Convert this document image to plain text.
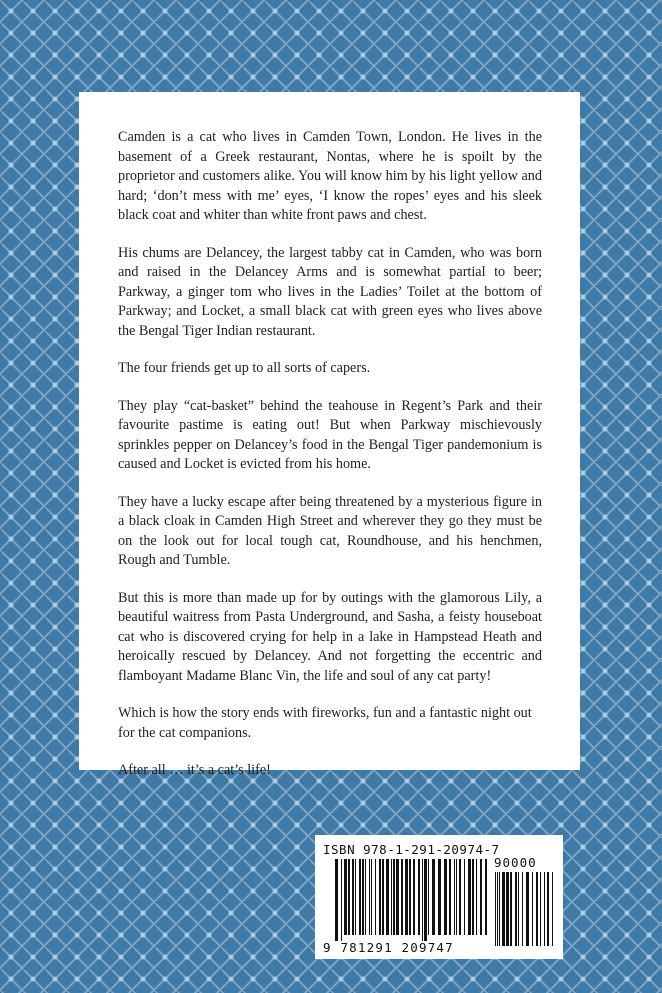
Camden is a cat who lives in Camden Town, London. He lives in the basement of a Greek restaurant, Nontas, where he is spoilt by the proprietor and customers alike. You will know him by his light yellow and hard; ‘don’t mess with me’ eyes, ‘I know the ropes’ eyes and his sleek black coat and whiter than white front paws and chest.

His chums are Delancey, the largest tabby cat in Camden, who was born and raised in the Delancey Arms and is somewhat partial to beer; Parkway, a ginger tom who lives in the Ladies’ Toilet at the bottom of Parkway; and Locket, a small black cat with green eyes who lives above the Bengal Tiger Indian restaurant.

The four friends get up to all sorts of capers.

They play “cat-basket” behind the teahouse in Regent’s Park and their favourite pastime is eating out! But when Parkway mischievously sprinkles pepper on Delancey’s food in the Bengal Tiger pandemonium is caused and Locket is evicted from his home.

They have a lucky escape after being threatened by a mysterious figure in a black cloak in Camden High Street and wherever they go they must be on the look out for local tough cat, Roundhouse, and his henchmen, Rough and Tumble.

But this is more than made up for by outings with the glamorous Lily, a beautiful waitress from Pasta Underground, and Sasha, a feisty houseboat cat who is discovered crying for help in a lake in Hampstead Heath and heroically rescued by Delancey. And not forgetting the eccentric and flamboyant Madame Blanc Vin, the life and soul of any cat party!

Which is how the story ends with fireworks, fun and a fantastic night out for the cat companions.

After all … it’s a cat’s life!

ISBN 978-1-291-20974-7
90000
9 781291 209747
